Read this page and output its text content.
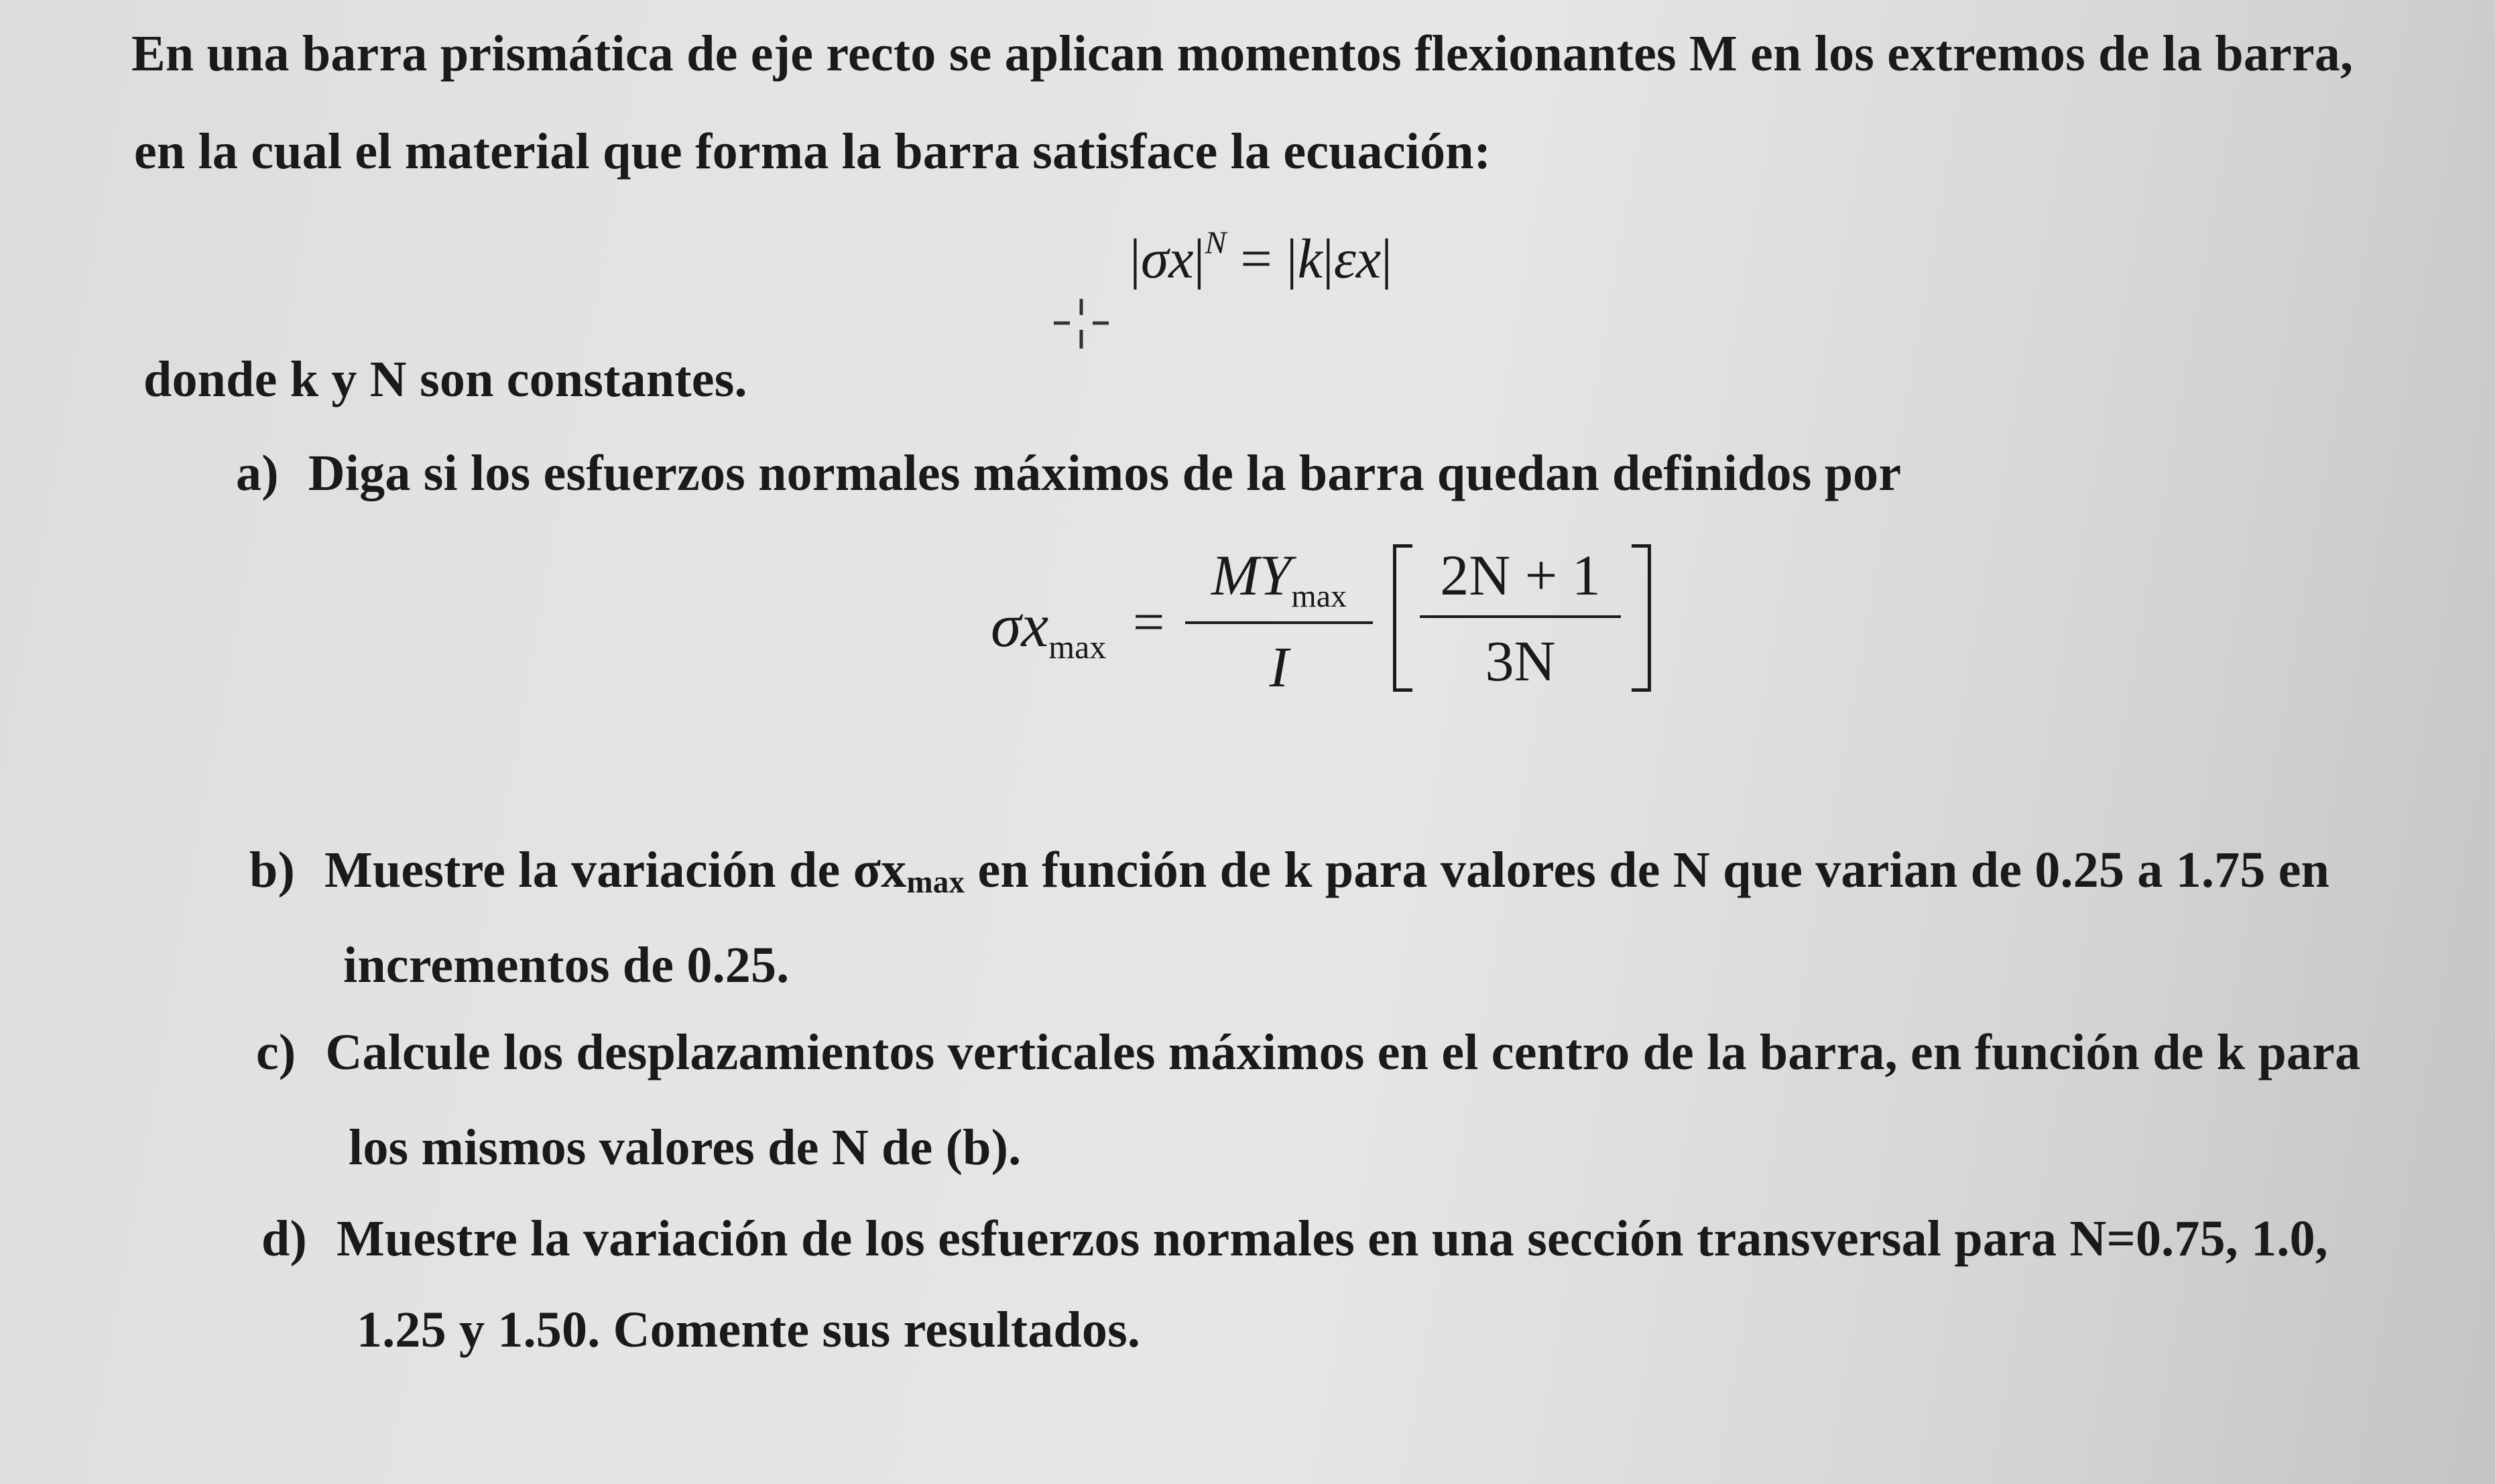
En una barra prismática de eje recto se aplican momentos flexionantes M en los extremos de la barra,
en la cual el material que forma la barra satisface la ecuación:
$|\sigma x|^N = |k|\varepsilon x|$
donde k y N son constantes.
a) Diga si los esfuerzos normales máximos de la barra quedan definidos por
$\sigma x_{max}$ =
$MY_{max}$
I
2N + 1
3N
b) Muestre la variación de σxmax en función de k para valores de N que varian de 0.25 a 1.75 en
incrementos de 0.25.
c) Calcule los desplazamientos verticales máximos en el centro de la barra, en función de k para
los mismos valores de N de (b).
d) Muestre la variación de los esfuerzos normales en una sección transversal para N=0.75, 1.0,
1.25 y 1.50. Comente sus resultados.
